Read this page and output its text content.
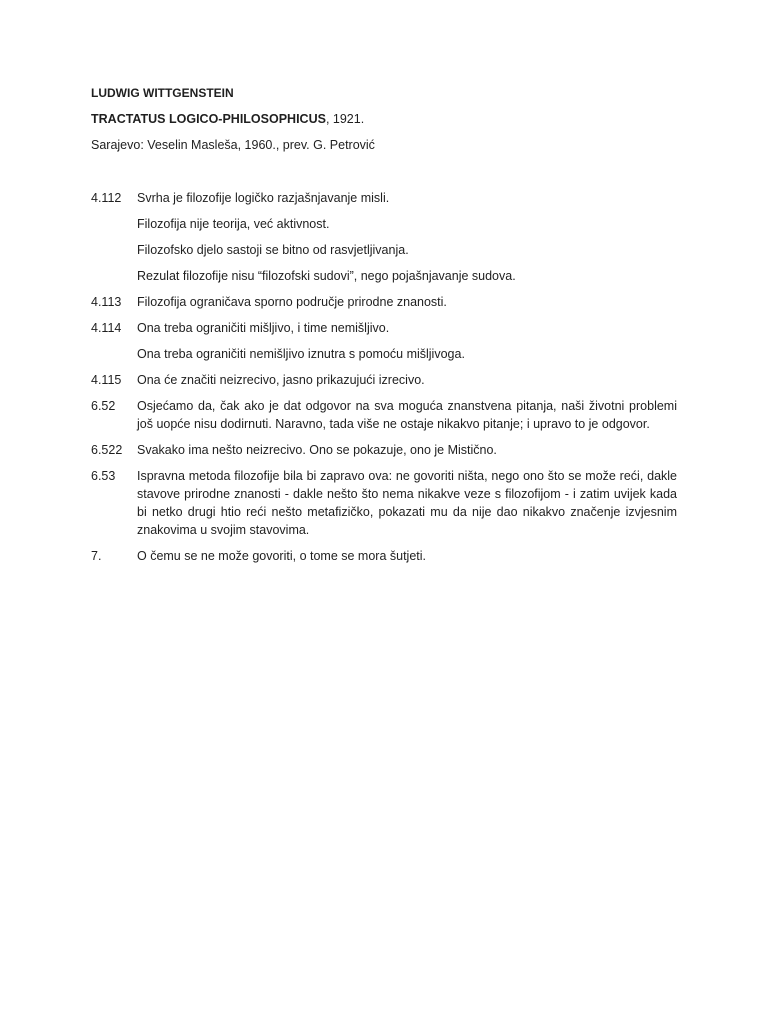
LUDWIG WITTGENSTEIN
TRACTATUS LOGICO-PHILOSOPHICUS, 1921.
Sarajevo: Veselin Masleša, 1960., prev. G. Petrović
4.112	Svrha je filozofije logičko razjašnjavanje misli.
Filozofija nije teorija, već aktivnost.
Filozofsko djelo sastoji se bitno od rasvjetljivanja.
Rezulat filozofije nisu “filozofski sudovi”, nego pojašnjavanje sudova.
4.113	Filozofija ograničava sporno područje prirodne znanosti.
4.114	Ona treba ograničiti mišljivo, i time nemišljivo.
Ona treba ograničiti nemišljivo iznutra s pomoću mišljivoga.
4.115	Ona će značiti neizrecivo, jasno prikazujući izrecivo.
6.52	Osjećamo da, čak ako je dat odgovor na sva moguća znanstvena pitanja, naši životni problemi još uopće nisu dodirnuti. Naravno, tada više ne ostaje nikakvo pitanje; i upravo to je odgovor.
6.522	Svakako ima nešto neizrecivo. Ono se pokazuje, ono je Mistično.
6.53	Ispravna metoda filozofije bila bi zapravo ova: ne govoriti ništa, nego ono što se može reći, dakle stavove prirodne znanosti - dakle nešto što nema nikakve veze s filozofijom - i zatim uvijek kada bi netko drugi htio reći nešto metafizičko, pokazati mu da nije dao nikakvo značenje izvjesnim znakovima u svojim stavovima.
7.	O čemu se ne može govoriti, o tome se mora šutjeti.
